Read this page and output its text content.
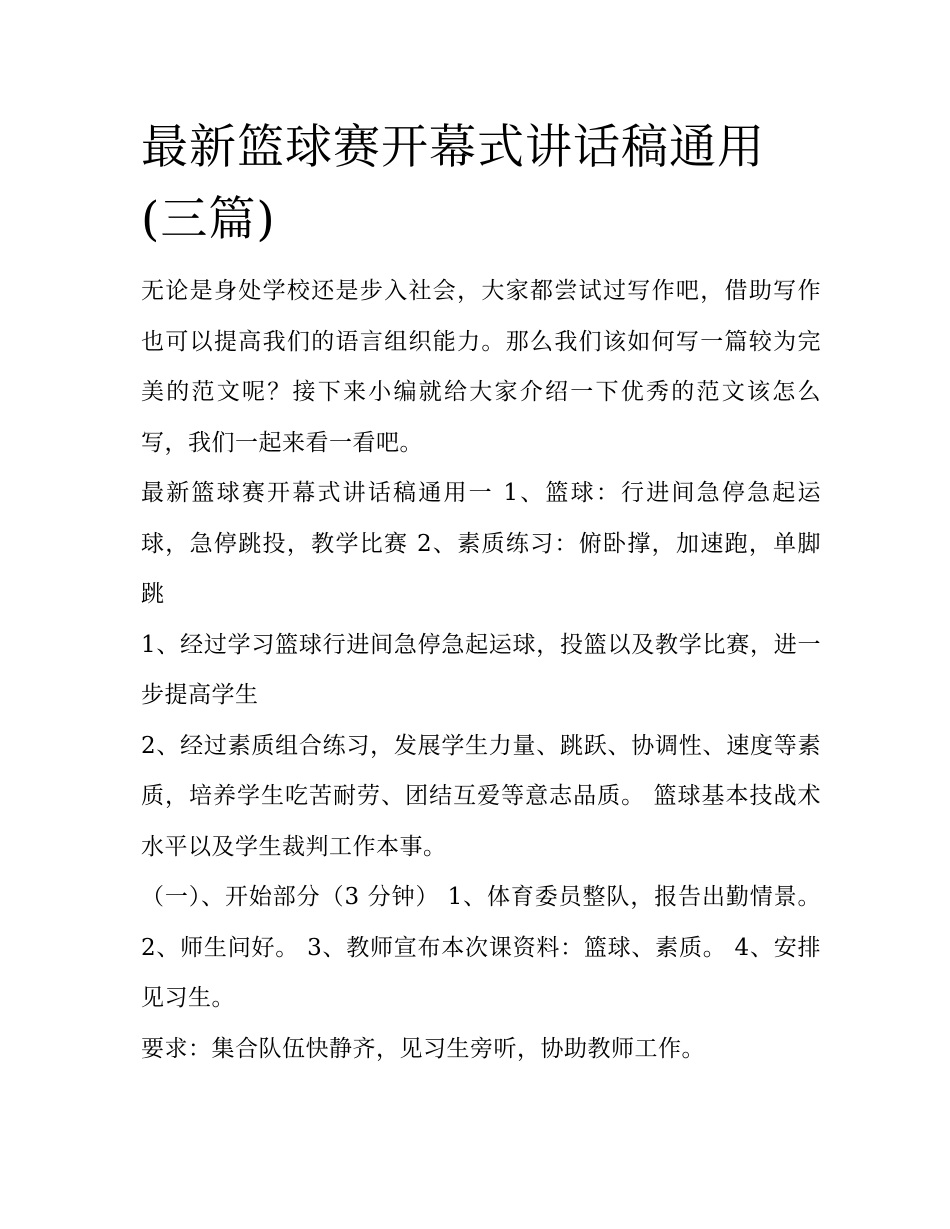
最新篮球赛开幕式讲话稿通用(三篇)

无论是身处学校还是步入社会，大家都尝试过写作吧，借助写作也可以提高我们的语言组织能力。那么我们该如何写一篇较为完美的范文呢？接下来小编就给大家介绍一下优秀的范文该怎么写，我们一起来看一看吧。

最新篮球赛开幕式讲话稿通用一 1、篮球：行进间急停急起运球，急停跳投，教学比赛 2、素质练习：俯卧撑，加速跑，单脚跳

1、经过学习篮球行进间急停急起运球，投篮以及教学比赛，进一步提高学生

2、经过素质组合练习，发展学生力量、跳跃、协调性、速度等素质，培养学生吃苦耐劳、团结互爱等意志品质。 篮球基本技战术水平以及学生裁判工作本事。

（一）、开始部分（3 分钟） 1、体育委员整队，报告出勤情景。 2、师生问好。 3、教师宣布本次课资料：篮球、素质。 4、安排见习生。

要求：集合队伍快静齐，见习生旁听，协助教师工作。
